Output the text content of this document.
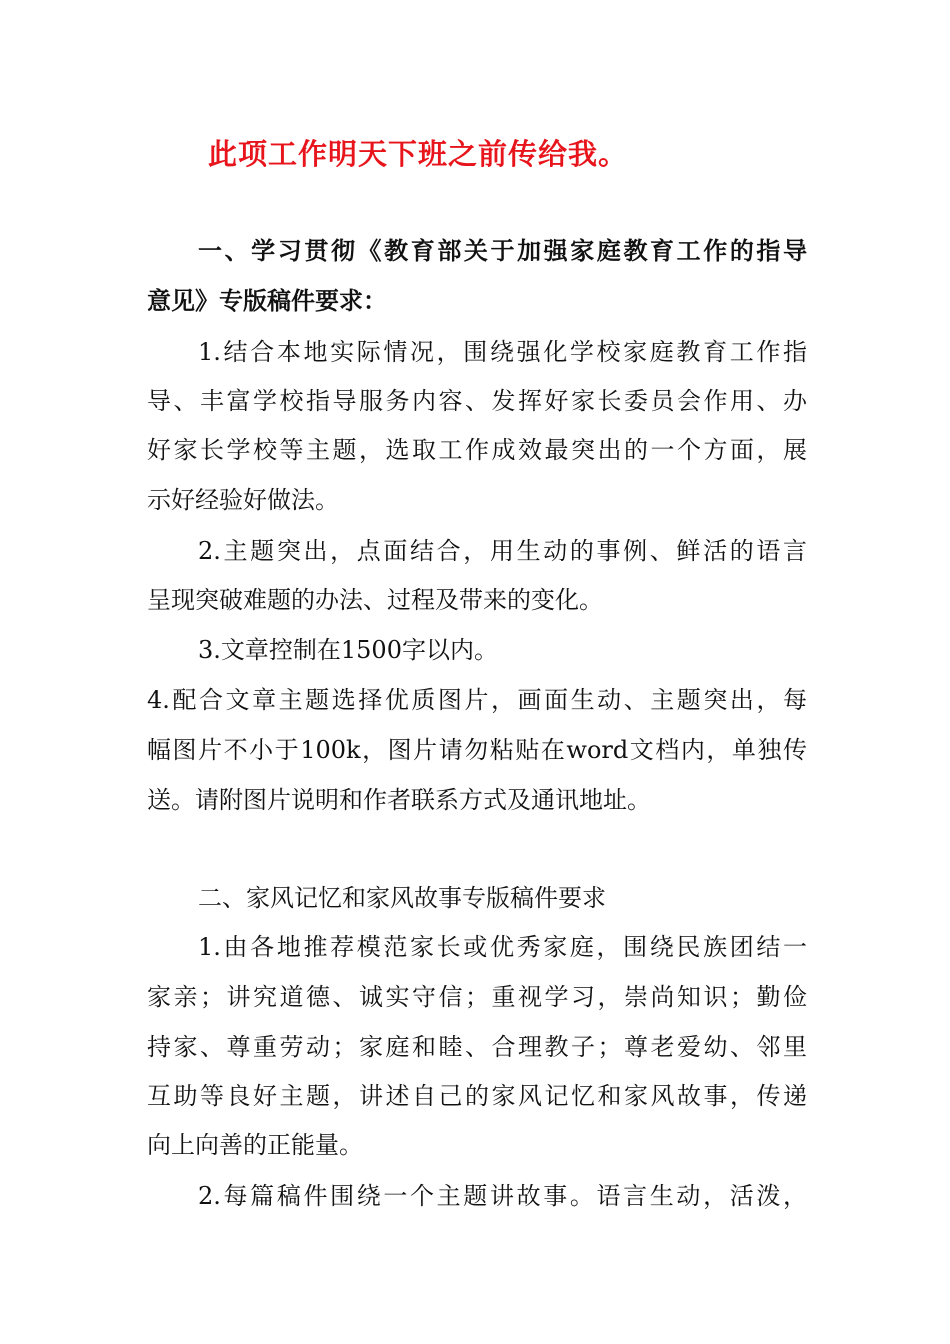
此项工作明天下班之前传给我。
一、学习贯彻《教育部关于加强家庭教育工作的指导
意见》专版稿件要求：
1.结合本地实际情况，围绕强化学校家庭教育工作指
导、丰富学校指导服务内容、发挥好家长委员会作用、办
好家长学校等主题，选取工作成效最突出的一个方面，展
示好经验好做法。
2.主题突出，点面结合，用生动的事例、鲜活的语言
呈现突破难题的办法、过程及带来的变化。
3.文章控制在1500字以内。
4.配合文章主题选择优质图片，画面生动、主题突出，每
幅图片不小于100k，图片请勿粘贴在word文档内，单独传
送。请附图片说明和作者联系方式及通讯地址。
二、家风记忆和家风故事专版稿件要求
1.由各地推荐模范家长或优秀家庭，围绕民族团结一
家亲；讲究道德、诚实守信；重视学习，崇尚知识；勤俭
持家、尊重劳动；家庭和睦、合理教子；尊老爱幼、邻里
互助等良好主题，讲述自己的家风记忆和家风故事，传递
向上向善的正能量。
2.每篇稿件围绕一个主题讲故事。语言生动，活泼，
